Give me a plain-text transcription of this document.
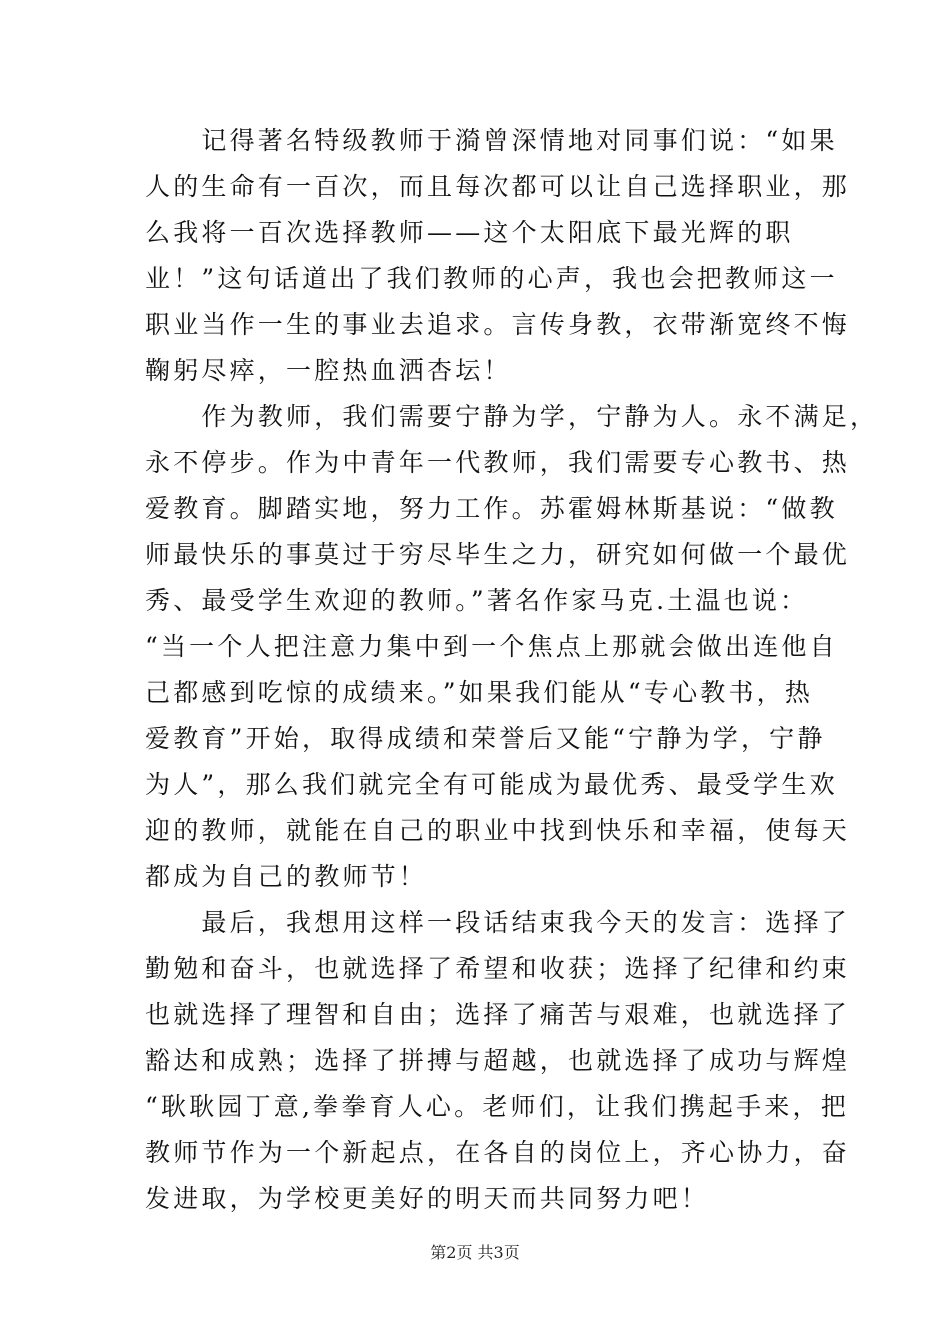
　　记得著名特级教师于漪曾深情地对同事们说：“如果
人的生命有一百次，而且每次都可以让自己选择职业，那
么我将一百次选择教师——这个太阳底下最光辉的职
业！”这句话道出了我们教师的心声，我也会把教师这一
职业当作一生的事业去追求。言传身教，衣带渐宽终不悔
鞠躬尽瘁，一腔热血洒杏坛！
　　作为教师，我们需要宁静为学，宁静为人。永不满足，
永不停步。作为中青年一代教师，我们需要专心教书、热
爱教育。脚踏实地，努力工作。苏霍姆林斯基说：“做教
师最快乐的事莫过于穷尽毕生之力，研究如何做一个最优
秀、最受学生欢迎的教师。”著名作家马克.土温也说：
“当一个人把注意力集中到一个焦点上那就会做出连他自
己都感到吃惊的成绩来。”如果我们能从“专心教书，热
爱教育”开始，取得成绩和荣誉后又能“宁静为学，宁静
为人”，那么我们就完全有可能成为最优秀、最受学生欢
迎的教师，就能在自己的职业中找到快乐和幸福，使每天
都成为自己的教师节！
　　最后，我想用这样一段话结束我今天的发言：选择了
勤勉和奋斗，也就选择了希望和收获；选择了纪律和约束
也就选择了理智和自由；选择了痛苦与艰难，也就选择了
豁达和成熟；选择了拼搏与超越，也就选择了成功与辉煌
“耿耿园丁意,拳拳育人心。老师们，让我们携起手来，把
教师节作为一个新起点，在各自的岗位上，齐心协力，奋
发进取，为学校更美好的明天而共同努力吧！
第2页 共3页
